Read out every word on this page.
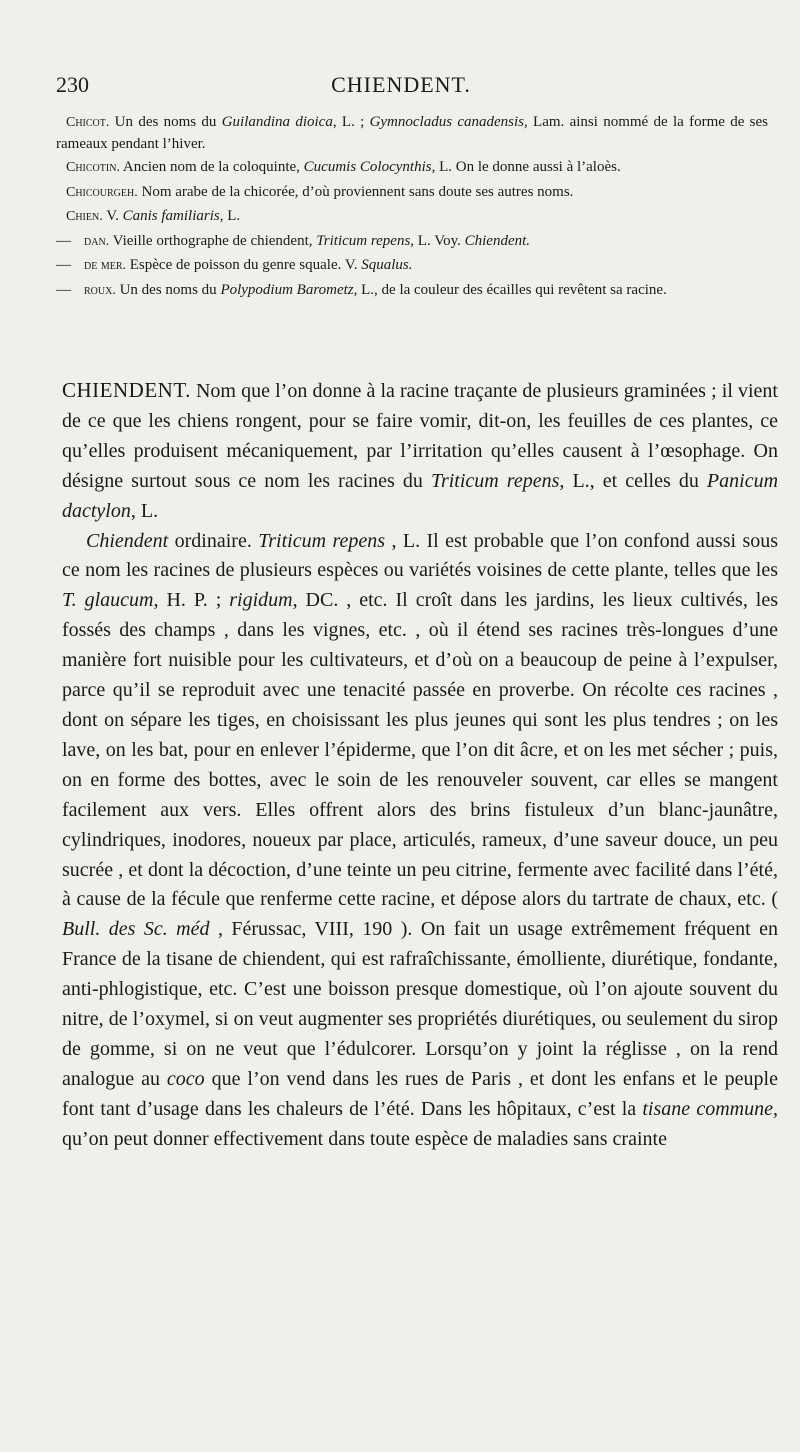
230	CHIENDENT.

Chicot. Un des noms du Guilandina dioica, L. ; Gymnocladus canadensis, Lam. ainsi nommé de la forme de ses rameaux pendant l’hiver.

Chicotin. Ancien nom de la coloquinte, Cucumis Colocynthis, L. On le donne aussi à l’aloès.

Chicourgeh. Nom arabe de la chicorée, d’où proviennent sans doute ses autres noms.

Chien. V. Canis familiaris, L.

— dan. Vieille orthographe de chiendent, Triticum repens, L. Voy. Chiendent.

— de mer. Espèce de poisson du genre squale. V. Squalus.

— roux. Un des noms du Polypodium Barometz, L., de la couleur des écailles qui revêtent sa racine.

CHIENDENT. Nom que l’on donne à la racine traçante de plusieurs graminées ; il vient de ce que les chiens rongent, pour se faire vomir, dit-on, les feuilles de ces plantes, ce qu’elles produisent mécaniquement, par l’irritation qu’elles causent à l’œsophage. On désigne surtout sous ce nom les racines du Triticum repens, L., et celles du Panicum dactylon, L.

Chiendent ordinaire. Triticum repens , L. Il est probable que l’on confond aussi sous ce nom les racines de plusieurs espèces ou variétés voisines de cette plante, telles que les T. glaucum, H. P. ; rigidum, DC. , etc. Il croît dans les jardins, les lieux cultivés, les fossés des champs , dans les vignes, etc. , où il étend ses racines très-longues d’une manière fort nuisible pour les cultivateurs, et d’où on a beaucoup de peine à l’expulser, parce qu’il se reproduit avec une tenacité passée en proverbe. On récolte ces racines , dont on sépare les tiges, en choisissant les plus jeunes qui sont les plus tendres ; on les lave, on les bat, pour en enlever l’épiderme, que l’on dit âcre, et on les met sécher ; puis, on en forme des bottes, avec le soin de les renouveler souvent, car elles se mangent facilement aux vers. Elles offrent alors des brins fistuleux d’un blanc-jaunâtre, cylindriques, inodores, noueux par place, articulés, rameux, d’une saveur douce, un peu sucrée , et dont la décoction, d’une teinte un peu citrine, fermente avec facilité dans l’été, à cause de la fécule que renferme cette racine, et dépose alors du tartrate de chaux, etc. ( Bull. des Sc. méd , Férussac, VIII, 190 ). On fait un usage extrêmement fréquent en France de la tisane de chiendent, qui est rafraîchissante, émolliente, diurétique, fondante, anti-phlogistique, etc. C’est une boisson presque domestique, où l’on ajoute souvent du nitre, de l’oxymel, si on veut augmenter ses propriétés diurétiques, ou seulement du sirop de gomme, si on ne veut que l’édulcorer. Lorsqu’on y joint la réglisse , on la rend analogue au coco que l’on vend dans les rues de Paris , et dont les enfans et le peuple font tant d’usage dans les chaleurs de l’été. Dans les hôpitaux, c’est la tisane commune, qu’on peut donner effectivement dans toute espèce de maladies sans crainte
